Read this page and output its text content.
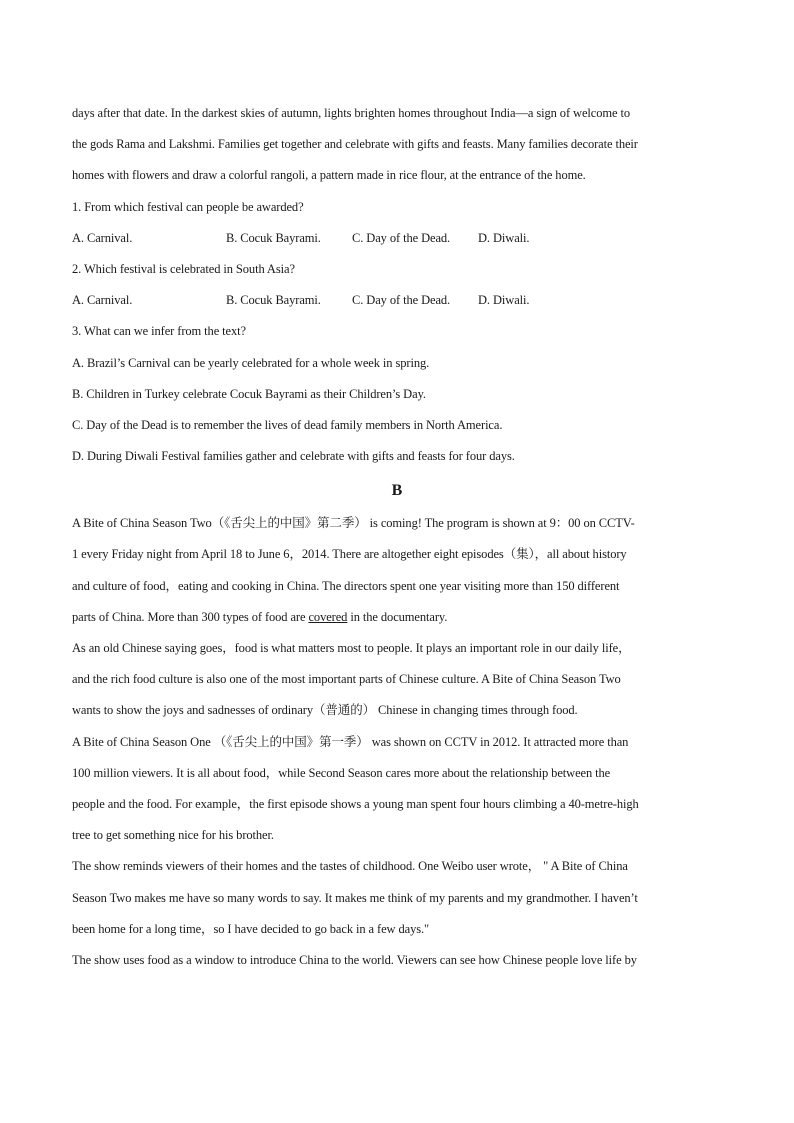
days after that date. In the darkest skies of autumn, lights brighten homes throughout India—a sign of welcome to
the gods Rama and Lakshmi. Families get together and celebrate with gifts and feasts. Many families decorate their
homes with flowers and draw a colorful rangoli, a pattern made in rice flour, at the entrance of the home.
1. From which festival can people be awarded?
A. Carnival.	B. Cocuk Bayrami.	C. Day of the Dead.	D. Diwali.
2. Which festival is celebrated in South Asia?
A. Carnival.	B. Cocuk Bayrami.	C. Day of the Dead.	D. Diwali.
3. What can we infer from the text?
A. Brazil’s Carnival can be yearly celebrated for a whole week in spring.
B. Children in Turkey celebrate Cocuk Bayrami as their Children’s Day.
C. Day of the Dead is to remember the lives of dead family members in North America.
D. During Diwali Festival families gather and celebrate with gifts and feasts for four days.
B
A Bite of China Season Two（《舌尖上的中国》第二季） is coming! The program is shown at 9：00 on CCTV-
1 every Friday night from April 18 to June 6，2014. There are altogether eight episodes（集），all about history
and culture of food，eating and cooking in China. The directors spent one year visiting more than 150 different
parts of China. More than 300 types of food are covered in the documentary.
As an old Chinese saying goes，food is what matters most to people. It plays an important role in our daily life，
and the rich food culture is also one of the most important parts of Chinese culture. A Bite of China Season Two
wants to show the joys and sadnesses of ordinary（普通的） Chinese in changing times through food.
A Bite of China Season One （《舌尖上的中国》第一季） was shown on CCTV in 2012. It attracted more than
100 million viewers. It is all about food，while Second Season cares more about the relationship between the
people and the food. For example，the first episode shows a young man spent four hours climbing a 40-metre-high
tree to get something nice for his brother.
The show reminds viewers of their homes and the tastes of childhood. One Weibo user wrote， " A Bite of China
Season Two makes me have so many words to say. It makes me think of my parents and my grandmother. I haven’t
been home for a long time，so I have decided to go back in a few days."
The show uses food as a window to introduce China to the world. Viewers can see how Chinese people love life by
